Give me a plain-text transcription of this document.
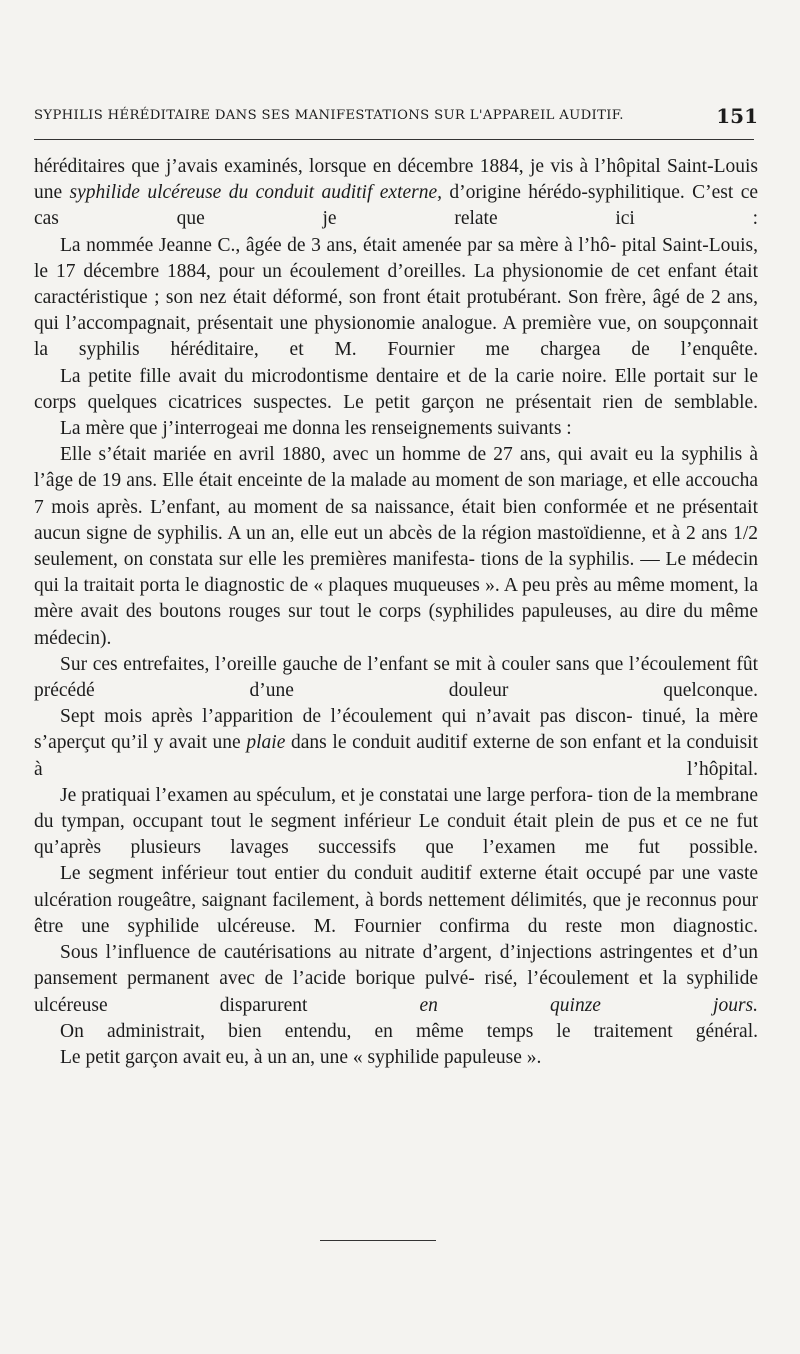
SYPHILIS HÉRÉDITAIRE DANS SES MANIFESTATIONS SUR L'APPAREIL AUDITIF.	151

héréditaires que j’avais examinés, lorsque en décembre 1884, je vis à l’hôpital Saint-Louis une syphilide ulcéreuse du conduit auditif externe, d’origine hérédo-syphilitique. C’est ce cas que je relate ici :

La nommée Jeanne C., âgée de 3 ans, était amenée par sa mère à l’hô- pital Saint-Louis, le 17 décembre 1884, pour un écoulement d’oreilles. La physionomie de cet enfant était caractéristique ; son nez était déformé, son front était protubérant. Son frère, âgé de 2 ans, qui l’accompagnait, présentait une physionomie analogue. A première vue, on soupçonnait la syphilis héréditaire, et M. Fournier me chargea de l’enquête.

La petite fille avait du microdontisme dentaire et de la carie noire. Elle portait sur le corps quelques cicatrices suspectes. Le petit garçon ne présentait rien de semblable.

La mère que j’interrogeai me donna les renseignements suivants :

Elle s’était mariée en avril 1880, avec un homme de 27 ans, qui avait eu la syphilis à l’âge de 19 ans. Elle était enceinte de la malade au moment de son mariage, et elle accoucha 7 mois après. L’enfant, au moment de sa naissance, était bien conformée et ne présentait aucun signe de syphilis. A un an, elle eut un abcès de la région mastoïdienne, et à 2 ans 1/2 seulement, on constata sur elle les premières manifesta- tions de la syphilis. — Le médecin qui la traitait porta le diagnostic de « plaques muqueuses ». A peu près au même moment, la mère avait des boutons rouges sur tout le corps (syphilides papuleuses, au dire du même médecin).

Sur ces entrefaites, l’oreille gauche de l’enfant se mit à couler sans que l’écoulement fût précédé d’une douleur quelconque.

Sept mois après l’apparition de l’écoulement qui n’avait pas discon- tinué, la mère s’aperçut qu’il y avait une plaie dans le conduit auditif externe de son enfant et la conduisit à l’hôpital.

Je pratiquai l’examen au spéculum, et je constatai une large perfora- tion de la membrane du tympan, occupant tout le segment inférieur Le conduit était plein de pus et ce ne fut qu’après plusieurs lavages successifs que l’examen me fut possible.

Le segment inférieur tout entier du conduit auditif externe était occupé par une vaste ulcération rougeâtre, saignant facilement, à bords nettement délimités, que je reconnus pour être une syphilide ulcéreuse. M. Fournier confirma du reste mon diagnostic.

Sous l’influence de cautérisations au nitrate d’argent, d’injections astringentes et d’un pansement permanent avec de l’acide borique pulvé- risé, l’écoulement et la syphilide ulcéreuse disparurent en quinze jours.

On administrait, bien entendu, en même temps le traitement général.

Le petit garçon avait eu, à un an, une « syphilide papuleuse ».
